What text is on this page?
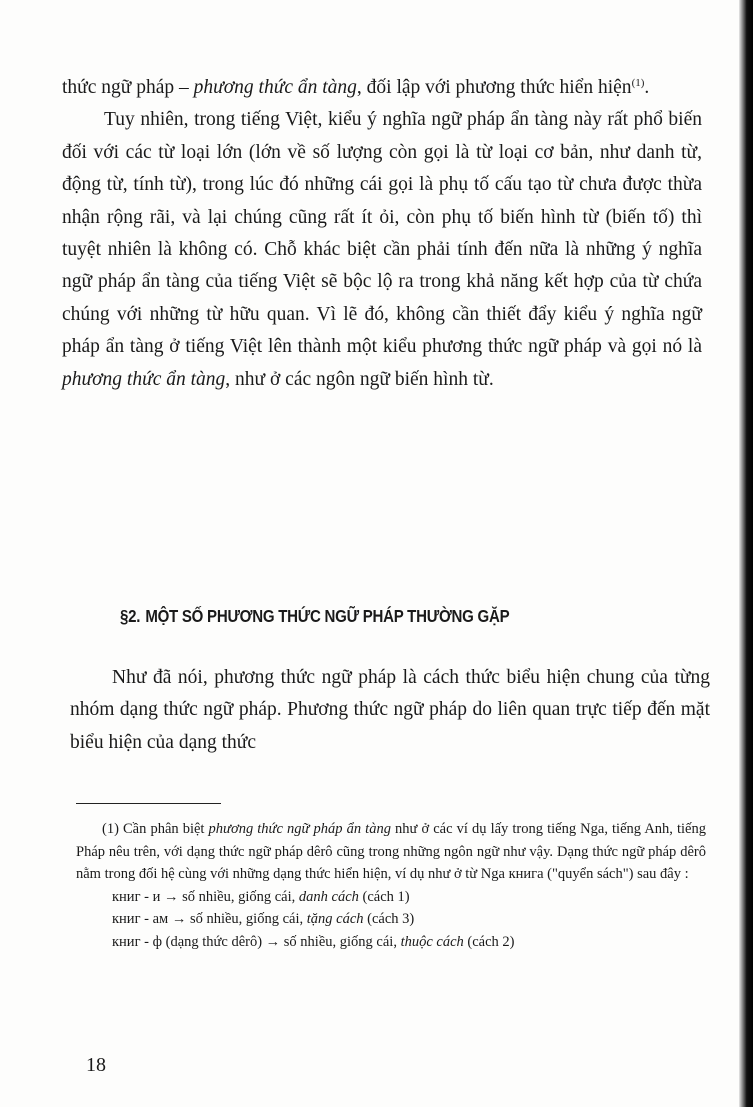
thức ngữ pháp – phương thức ẩn tàng, đối lập với phương thức hiển hiện$^{(1)}$.

Tuy nhiên, trong tiếng Việt, kiểu ý nghĩa ngữ pháp ẩn tàng này rất phổ biến đối với các từ loại lớn (lớn về số lượng còn gọi là từ loại cơ bản, như danh từ, động từ, tính từ), trong lúc đó những cái gọi là phụ tố cấu tạo từ chưa được thừa nhận rộng rãi, và lại chúng cũng rất ít ỏi, còn phụ tố biến hình từ (biến tố) thì tuyệt nhiên là không có. Chỗ khác biệt cần phải tính đến nữa là những ý nghĩa ngữ pháp ẩn tàng của tiếng Việt sẽ bộc lộ ra trong khả năng kết hợp của từ chứa chúng với những từ hữu quan. Vì lẽ đó, không cần thiết đẩy kiểu ý nghĩa ngữ pháp ẩn tàng ở tiếng Việt lên thành một kiểu phương thức ngữ pháp và gọi nó là phương thức ẩn tàng, như ở các ngôn ngữ biến hình từ.

§2. MỘT SỐ PHƯƠNG THỨC NGỮ PHÁP THƯỜNG GẶP

Như đã nói, phương thức ngữ pháp là cách thức biểu hiện chung của từng nhóm dạng thức ngữ pháp. Phương thức ngữ pháp do liên quan trực tiếp đến mặt biểu hiện của dạng thức

(1) Cần phân biệt phương thức ngữ pháp ẩn tàng như ở các ví dụ lấy trong tiếng Nga, tiếng Anh, tiếng Pháp nêu trên, với dạng thức ngữ pháp dêrô cũng trong những ngôn ngữ như vậy. Dạng thức ngữ pháp dêrô nằm trong đối hệ cùng với những dạng thức hiển hiện, ví dụ như ở từ Nga книга ("quyển sách") sau đây :

книг - и → số nhiều, giống cái, danh cách (cách 1)

книг - ам → số nhiều, giống cái, tặng cách (cách 3)

книг - ф (dạng thức dêrô) → số nhiều, giống cái, thuộc cách (cách 2)

18
